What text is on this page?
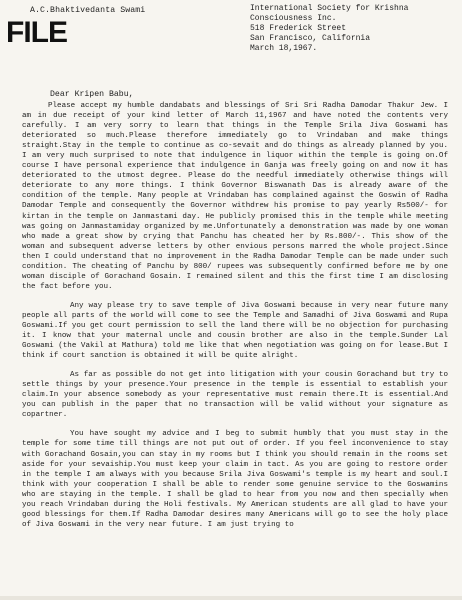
A.C.Bhaktivedanta Swami
FILE
International Society for Krishna
Consciousness Inc.
518 Frederick Street
San Francisco, California
March 18,1967.
Dear Kripen Babu,

Please accept my humble dandabats and blessings of Sri Sri Radha Damodar Thakur Jew. I am in due receipt of your kind letter of March 11,1967 and have noted the contents very carefully. I am very sorry to learn that things in the Temple Srila Jiva Goswami has deteriorated so much.Please therefore immediately go to Vrindaban and make things straight.Stay in the temple to continue as co-sevait and do things as already planned by you. I am very much surprised to note that indulgence in liquor within the temple is going on.Of course I have personal experience that indulgence in Ganja was freely going on and now it has deteriorated to the utmost degree. Please do the needful immediately otherwise things will deteriorate to any more things. I think Governor Biswanath Das is already aware of the condition of the temple. Many people at Vrindaban has complained against the Goswin of Radha Damodar Temple and consequently the Governor withdrew his promise to pay yearly Rs500/- for kirtan in the temple on Janmastami day. He publicly promised this in the temple while meeting was going on Janmastamiday organized by me.Unfortunately a demonstration was made by one woman who made a great show by crying that Panchu has cheated her by Rs.800/-. This show of the woman and subsequent adverse letters by other envious persons marred the whole project.Since then I could understand that no improvement in the Radha Damodar Temple can be made under such condition. The cheating of Panchu by 800/ rupees was subsequently confirmed before me by one woman disciple of Gorachand Gosain. I remained silent and this the first time I am disclosing the fact before you.

Any way please try to save temple of Jiva Goswami because in very near future many people all parts of the world will come to see the Temple and Samadhi of Jiva Goswami and Rupa Goswami.If you get court permission to sell the land there will be no objection for purchasing it. I know that your maternal uncle and cousin brother are also in the temple.Sunder Lal Goswami (the Vakil at Mathura) told me like that when negotiation was going on for lease.But I think if court sanction is obtained it will be quite alright.

As far as possible do not get into litigation with your cousin Gorachand but try to settle things by your presence.Your presence in the temple is essential to establish your claim.In your absence somebody as your representative must remain there.It is essential.And you can publish in the paper that no transaction will be valid without your signature as copartner.

You have sought my advice and I beg to submit humbly that you must stay in the temple for some time till things are not put out of order. If you feel inconvenience to stay with Gorachand Gosain,you can stay in my rooms but I think you should remain in the rooms set aside for your sevaiship.You must keep your claim in tact. As you are going to restore order in the temple I am always with you because Srila Jiva Goswami's temple is my heart and soul.I think with your cooperation I shall be able to render some genuine service to the Goswamins who are staying in the temple. I shall be glad to hear from you now and then specially when you reach Vrindaban during the Holi festivals. My American students are all glad to have your good blessings for them.If Radha Damodar desires many Americans will go to see the holy place of Jiva Goswami in the very near future. I am just trying to
